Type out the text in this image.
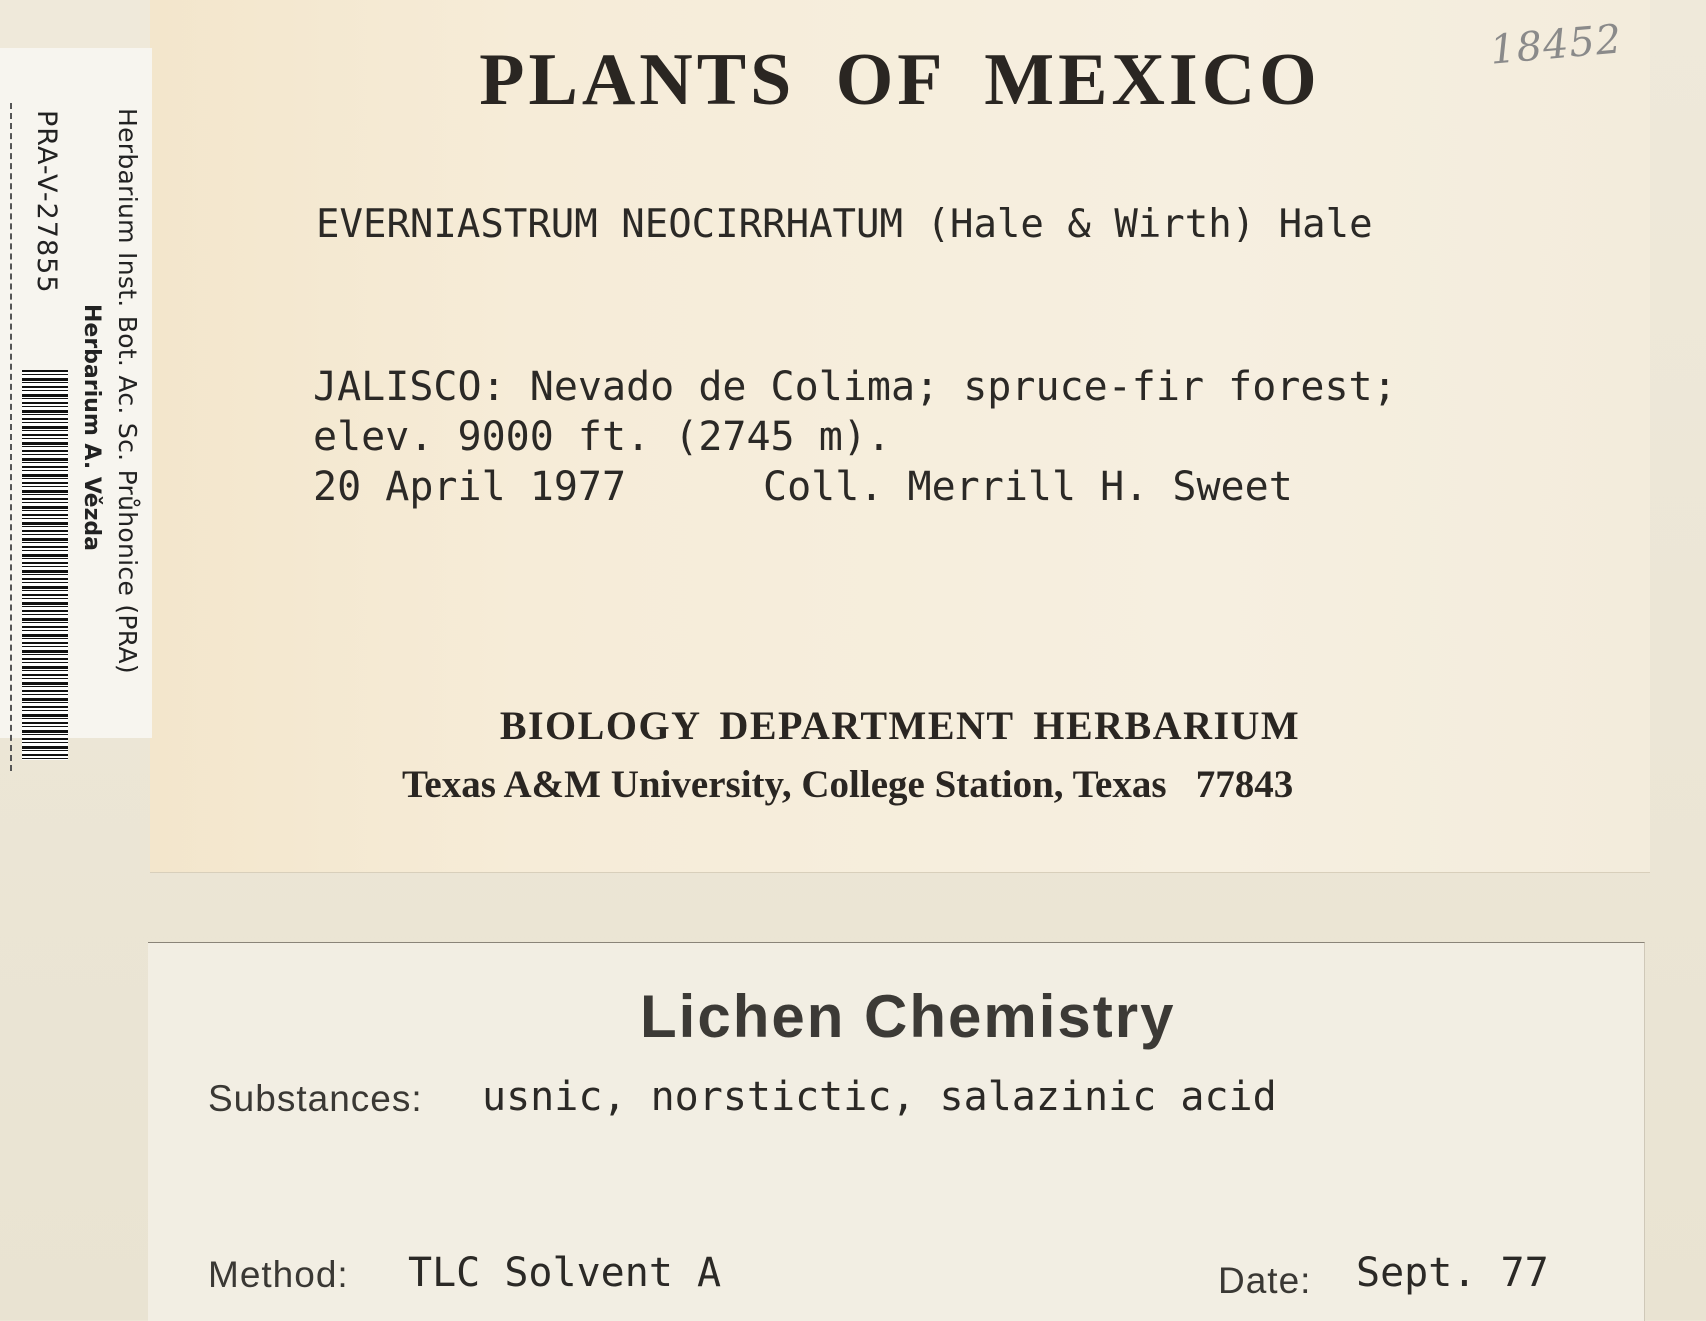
Herbarium Inst. Bot. Ac. Sc. Průhonice (PRA)
Herbarium A. Vězda
PRA-V-27855
18452
PLANTS OF MEXICO
EVERNIASTRUM NEOCIRRHATUM (Hale & Wirth) Hale
JALISCO: Nevado de Colima; spruce-fir forest;
elev. 9000 ft. (2745 m).
20 April 1977	Coll. Merrill H. Sweet
BIOLOGY DEPARTMENT HERBARIUM
Texas A&M University, College Station, Texas   77843
Lichen Chemistry
Substances: usnic, norstictic, salazinic acid
Method: TLC Solvent A	Date: Sept. 77
